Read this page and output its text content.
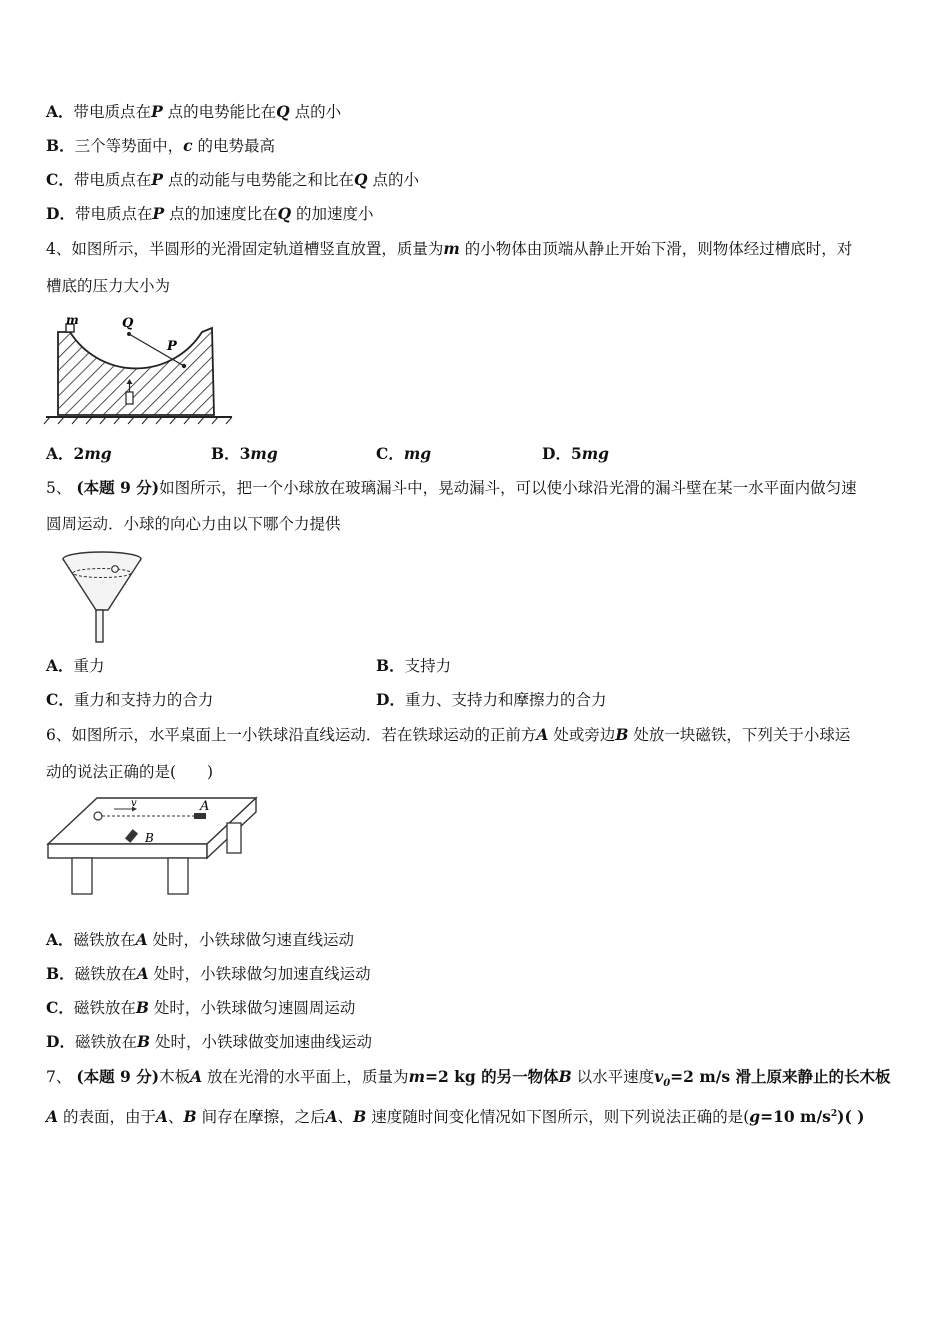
A．带电质点在P 点的电势能比在Q 点的小
B．三个等势面中，c 的电势最高
C．带电质点在P 点的动能与电势能之和比在Q 点的小
D．带电质点在P 点的加速度比在Q 的加速度小
4、如图所示，半圆形的光滑固定轨道槽竖直放置，质量为m 的小物体由顶端从静止开始下滑，则物体经过槽底时，对
槽底的压力大小为
m	Q
P
A．2mg	B．3mg	C．mg	D．5mg
5、 (本题 9 分)如图所示，把一个小球放在玻璃漏斗中，晃动漏斗，可以使小球沿光滑的漏斗壁在某一水平面内做匀速
圆周运动．小球的向心力由以下哪个力提供
A．重力	B．支持力
C．重力和支持力的合力	D．重力、支持力和摩擦力的合力
6、如图所示，水平桌面上一小铁球沿直线运动．若在铁球运动的正前方A 处或旁边B 处放一块磁铁，下列关于小球运
动的说法正确的是(　　)
v	A
B
A．磁铁放在A 处时，小铁球做匀速直线运动
B．磁铁放在A 处时，小铁球做匀加速直线运动
C．磁铁放在B 处时，小铁球做匀速圆周运动
D．磁铁放在B 处时，小铁球做变加速曲线运动
7、 (本题 9 分)木板A 放在光滑的水平面上，质量为m=2 kg 的另一物体B 以水平速度$v_0=2$ m/s 滑上原来静止的长木板
A 的表面，由于A、B 间存在摩擦，之后A、B 速度随时间变化情况如下图所示，则下列说法正确的是(g=10 $m/s^2$)( )
